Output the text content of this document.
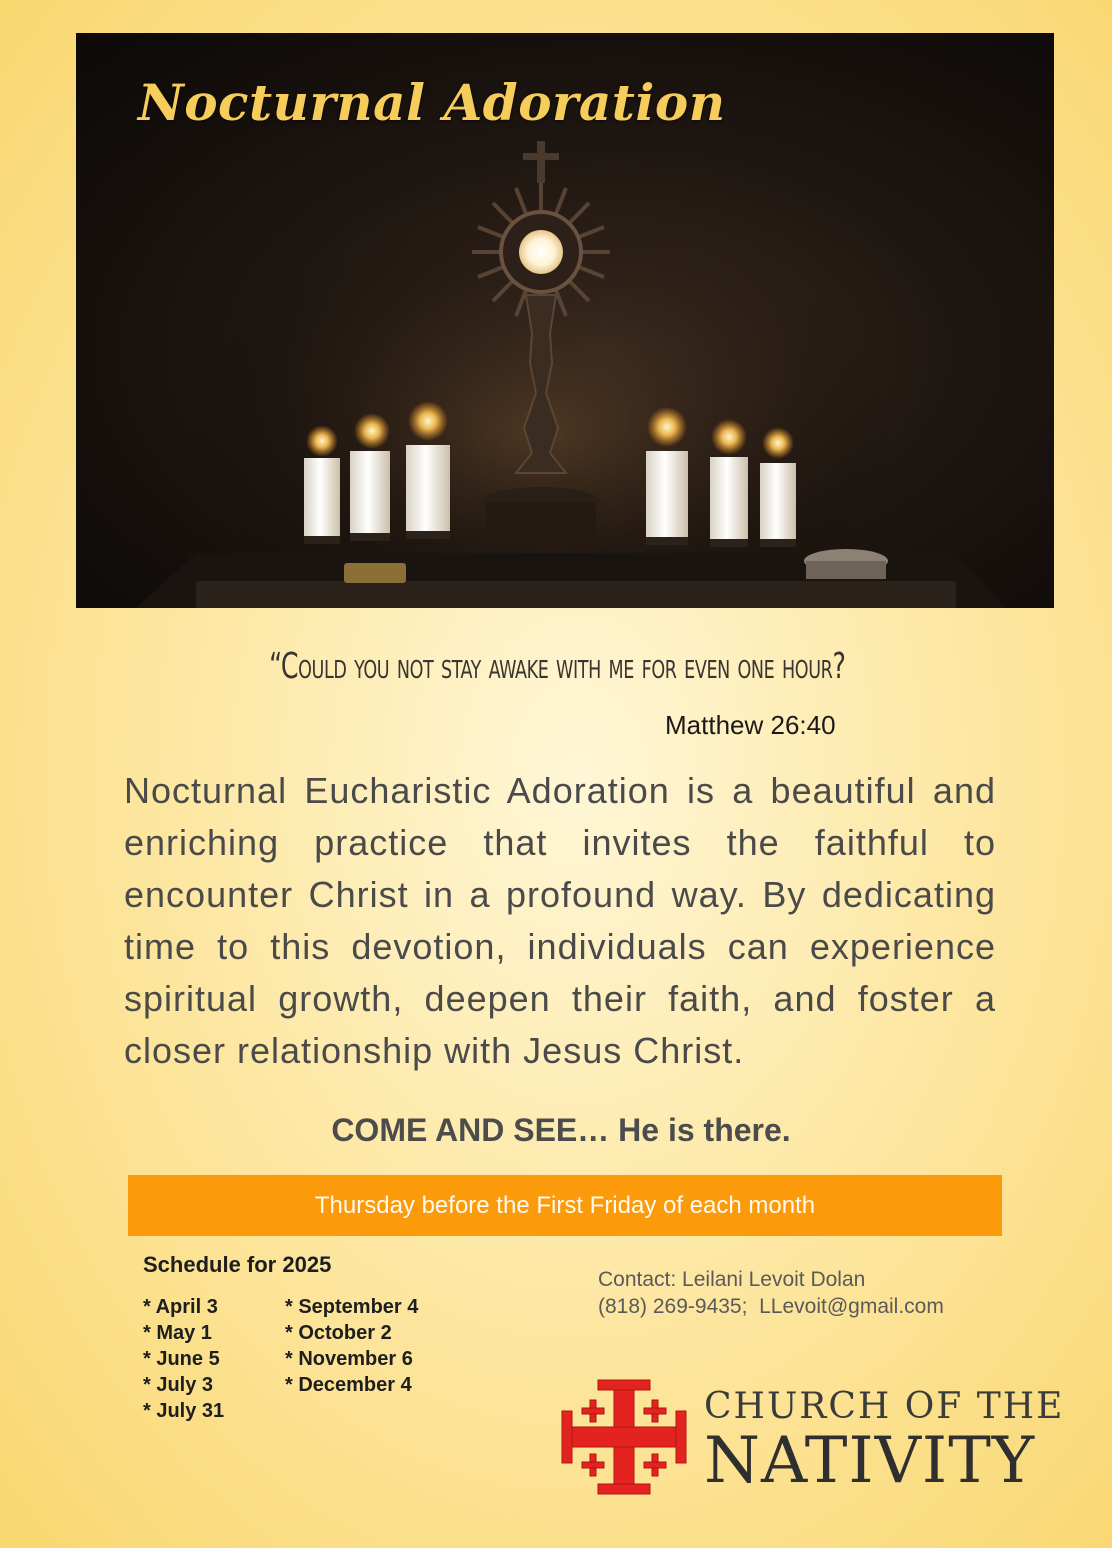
Nocturnal Adoration
“Could you not stay awake with me for even one hour?
Matthew 26:40

Nocturnal Eucharistic Adoration is a beautiful and enriching practice that invites the faithful to encounter Christ in a profound way. By dedicating time to this devotion, individuals can experience spiritual growth, deepen their faith, and foster a closer relationship with Jesus Christ.

COME AND SEE… He is there.
Thursday before the First Friday of each month
Schedule for 2025
* April 3
* May 1
* June 5
* July 3
* July 31
* September 4
* October 2
* November 6
* December 4
Contact: Leilani Levoit Dolan
(818) 269-9435;  LLevoit@gmail.com
CHURCH OF THE
NATIVITY
